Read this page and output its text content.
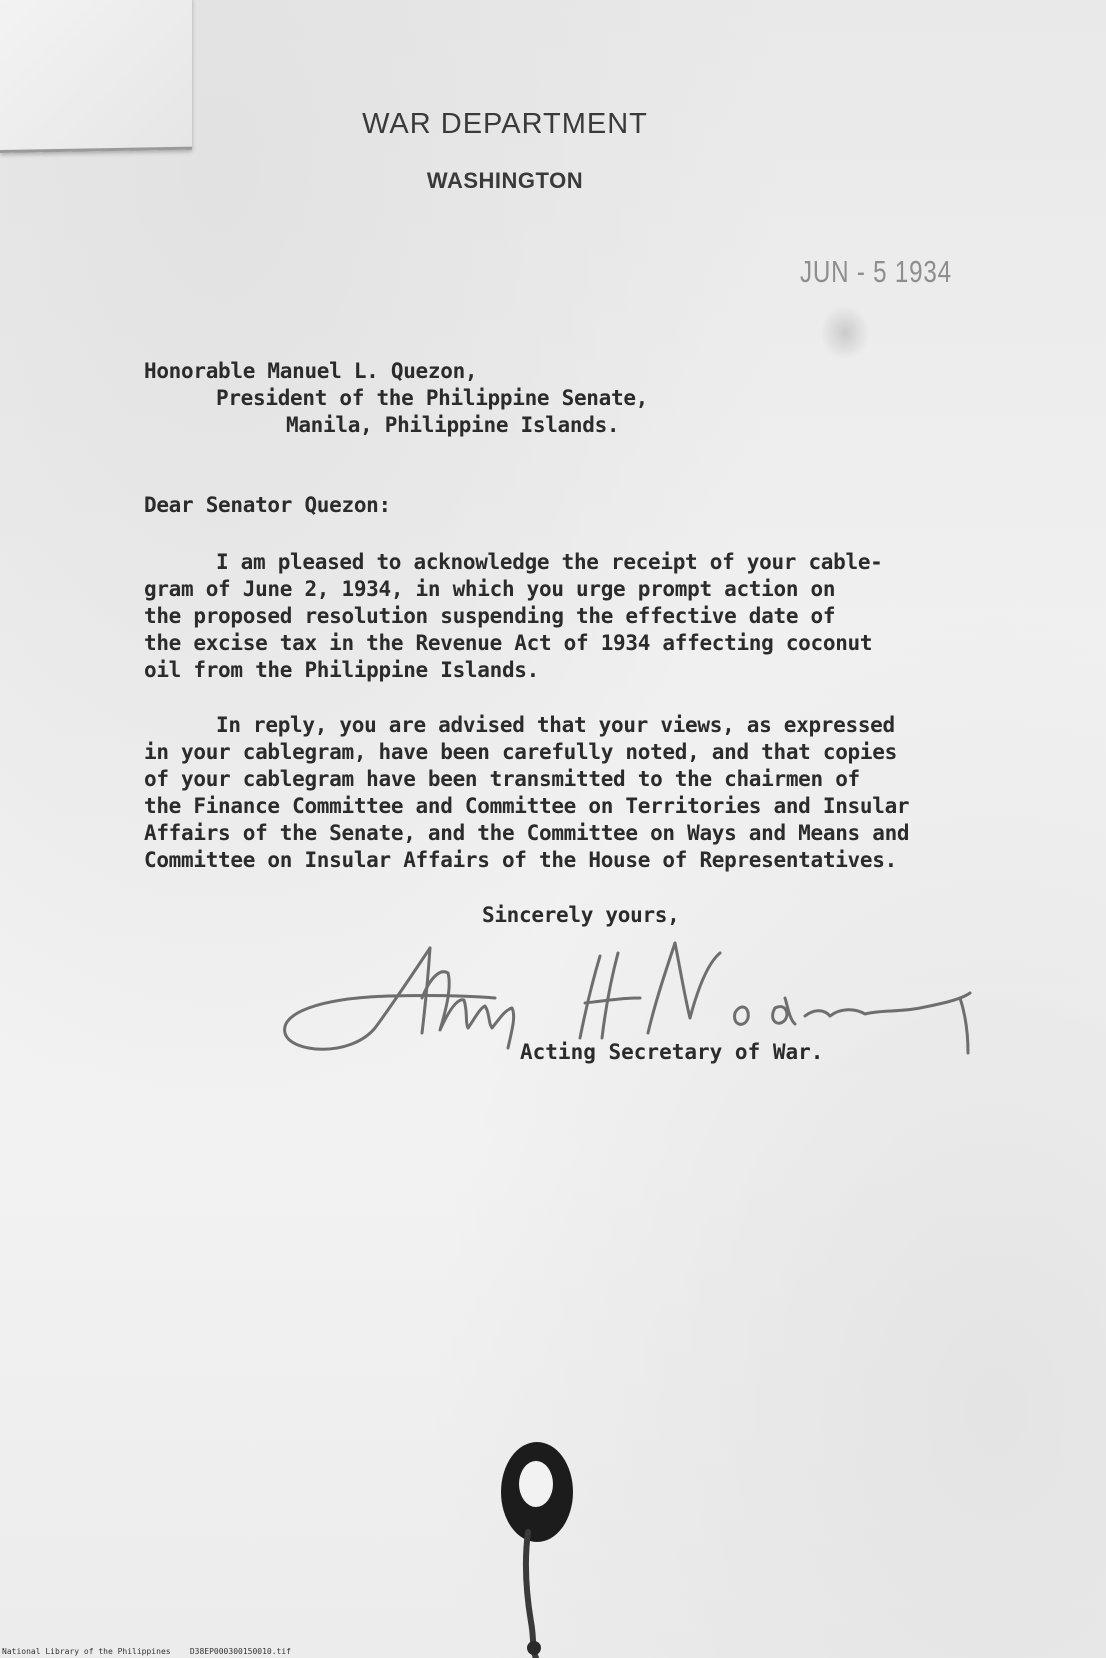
WAR DEPARTMENT
WASHINGTON
JUN - 5 1934
Honorable Manuel L. Quezon,
President of the Philippine Senate,
Manila, Philippine Islands.
Dear Senator Quezon:
I am pleased to acknowledge the receipt of your cable-
gram of June 2, 1934, in which you urge prompt action on
the proposed resolution suspending the effective date of
the excise tax in the Revenue Act of 1934 affecting coconut
oil from the Philippine Islands.
In reply, you are advised that your views, as expressed
in your cablegram, have been carefully noted, and that copies
of your cablegram have been transmitted to the chairmen of
the Finance Committee and Committee on Territories and Insular
Affairs of the Senate, and the Committee on Ways and Means and
Committee on Insular Affairs of the House of Representatives.
Sincerely yours,
Acting Secretary of War.
National Library of the Philippines    D38EP000300150010.tif
